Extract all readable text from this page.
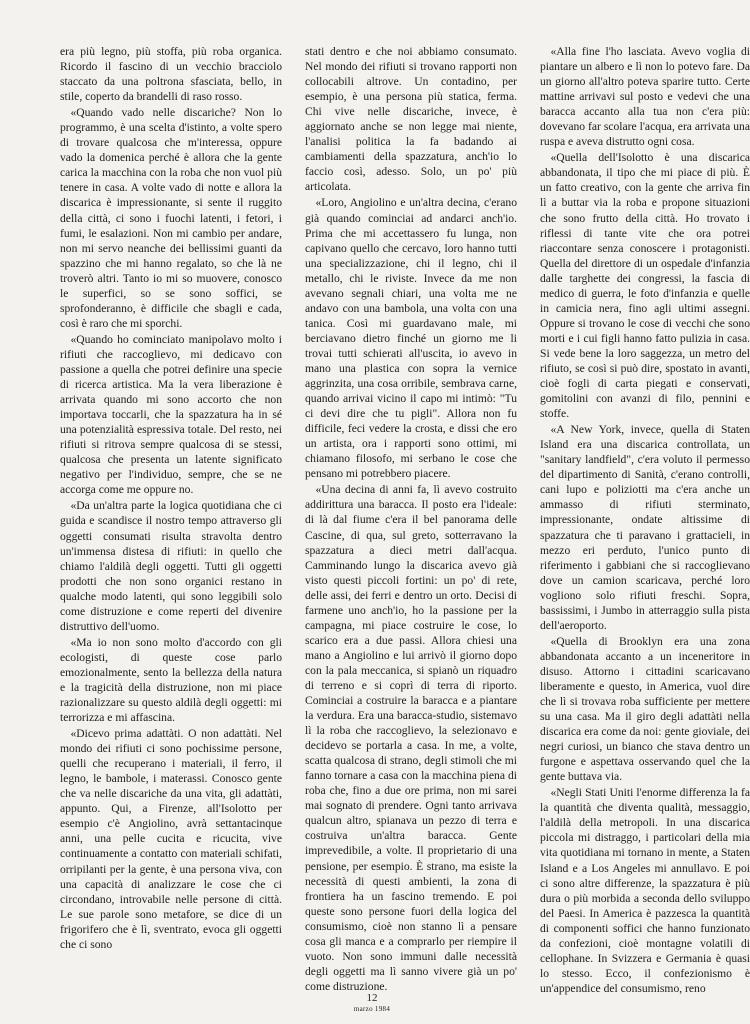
era più legno, più stoffa, più roba organica. Ricordo il fascino di un vecchio bracciolo staccato da una poltrona sfasciata, bello, in stile, coperto da brandelli di raso rosso.

«Quando vado nelle discariche? Non lo programmo, è una scelta d'istinto, a volte spero di trovare qualcosa che m'interessa, oppure vado la domenica perché è allora che la gente carica la macchina con la roba che non vuol più tenere in casa. A volte vado di notte e allora la discarica è impressionante, si sente il ruggito della città, ci sono i fuochi latenti, i fetori, i fumi, le esalazioni. Non mi cambio per andare, non mi servo neanche dei bellissimi guanti da spazzino che mi hanno regalato, so che là ne troverò altri. Tanto io mi so muovere, conosco le superfici, so se sono soffici, se sprofonderanno, è difficile che sbagli e cada, così è raro che mi sporchi.

«Quando ho cominciato manipolavo molto i rifiuti che raccoglievo, mi dedicavo con passione a quella che potrei definire una specie di ricerca artistica. Ma la vera liberazione è arrivata quando mi sono accorto che non importava toccarli, che la spazzatura ha in sé una potenzialità espressiva totale. Del resto, nei rifiuti si ritrova sempre qualcosa di se stessi, qualcosa che presenta un latente significato negativo per l'individuo, sempre, che se ne accorga come me oppure no.

«Da un'altra parte la logica quotidiana che ci guida e scandisce il nostro tempo attraverso gli oggetti consumati risulta stravolta dentro un'immensa distesa di rifiuti: in quello che chiamo l'aldilà degli oggetti. Tutti gli oggetti prodotti che non sono organici restano in qualche modo latenti, qui sono leggibili solo come distruzione e come reperti del divenire distruttivo dell'uomo.

«Ma io non sono molto d'accordo con gli ecologisti, di queste cose parlo emozionalmente, sento la bellezza della natura e la tragicità della distruzione, non mi piace razionalizzare su questo aldilà degli oggetti: mi terrorizza e mi affascina.

«Dicevo prima adattàti. O non adattàti. Nel mondo dei rifiuti ci sono pochissime persone, quelli che recuperano i materiali, il ferro, il legno, le bambole, i materassi. Conosco gente che va nelle discariche da una vita, gli adattàti, appunto. Qui, a Firenze, all'Isolotto per esempio c'è Angiolino, avrà settantacinque anni, una pelle cucita e ricucita, vive continuamente a contatto con materiali schifati, orripilanti per la gente, è una persona viva, con una capacità di analizzare le cose che ci circondano, introvabile nelle persone di città. Le sue parole sono metafore, se dice di un frigorifero che è lì, sventrato, evoca gli oggetti che ci sono

stati dentro e che noi abbiamo consumato. Nel mondo dei rifiuti si trovano rapporti non collocabili altrove. Un contadino, per esempio, è una persona più statica, ferma. Chi vive nelle discariche, invece, è aggiornato anche se non legge mai niente, l'analisi politica la fa badando ai cambiamenti della spazzatura, anch'io lo faccio così, adesso. Solo, un po' più articolata.

«Loro, Angiolino e un'altra decina, c'erano già quando cominciai ad andarci anch'io. Prima che mi accettassero fu lunga, non capivano quello che cercavo, loro hanno tutti una specializzazione, chi il legno, chi il metallo, chi le riviste. Invece da me non avevano segnali chiari, una volta me ne andavo con una bambola, una volta con una tanica. Così mi guardavano male, mi berciavano dietro finché un giorno me li trovai tutti schierati all'uscita, io avevo in mano una plastica con sopra la vernice aggrinzita, una cosa orribile, sembrava carne, quando arrivai vicino il capo mi intimò: "Tu ci devi dire che tu pigli". Allora non fu difficile, feci vedere la crosta, e dissi che ero un artista, ora i rapporti sono ottimi, mi chiamano filosofo, mi serbano le cose che pensano mi potrebbero piacere.

«Una decina di anni fa, lì avevo costruito addirittura una baracca. Il posto era l'ideale: di là dal fiume c'era il bel panorama delle Cascine, di qua, sul greto, sotterravano la spazzatura a dieci metri dall'acqua. Camminando lungo la discarica avevo già visto questi piccoli fortini: un po' di rete, delle assi, dei ferri e dentro un orto. Decisi di farmene uno anch'io, ho la passione per la campagna, mi piace costruire le cose, lo scarico era a due passi. Allora chiesi una mano a Angiolino e lui arrivò il giorno dopo con la pala meccanica, si spianò un riquadro di terreno e si coprì di terra di riporto. Cominciai a costruire la baracca e a piantare la verdura. Era una baracca-studio, sistemavo lì la roba che raccoglievo, la selezionavo e decidevo se portarla a casa. In me, a volte, scatta qualcosa di strano, degli stimoli che mi fanno tornare a casa con la macchina piena di roba che, fino a due ore prima, non mi sarei mai sognato di prendere. Ogni tanto arrivava qualcun altro, spianava un pezzo di terra e costruiva un'altra baracca. Gente imprevedibile, a volte. Il proprietario di una pensione, per esempio. È strano, ma esiste la necessità di questi ambienti, la zona di frontiera ha un fascino tremendo. E poi queste sono persone fuori della logica del consumismo, cioè non stanno lì a pensare cosa gli manca e a comprarlo per riempire il vuoto. Non sono immuni dalle necessità degli oggetti ma lì sanno vivere già un po' come distruzione.

«Alla fine l'ho lasciata. Avevo voglia di piantare un albero e lì non lo potevo fare. Da un giorno all'altro poteva sparire tutto. Certe mattine arrivavi sul posto e vedevi che una baracca accanto alla tua non c'era più: dovevano far scolare l'acqua, era arrivata una ruspa e aveva distrutto ogni cosa.

«Quella dell'Isolotto è una discarica abbandonata, il tipo che mi piace di più. È un fatto creativo, con la gente che arriva fin lì a buttar via la roba e propone situazioni che sono frutto della città. Ho trovato i riflessi di tante vite che ora potrei riaccontare senza conoscere i protagonisti. Quella del direttore di un ospedale d'infanzia dalle targhette dei congressi, la fascia di medico di guerra, le foto d'infanzia e quelle in camicia nera, fino agli ultimi assegni. Oppure si trovano le cose di vecchi che sono morti e i cui figli hanno fatto pulizia in casa. Si vede bene la loro saggezza, un metro del rifiuto, se così si può dire, spostato in avanti, cioè fogli di carta piegati e conservati, gomitolini con avanzi di filo, pennini e stoffe.

«A New York, invece, quella di Staten Island era una discarica controllata, un "sanitary landfield", c'era voluto il permesso del dipartimento di Sanità, c'erano controlli, cani lupo e poliziotti ma c'era anche un ammasso di rifiuti sterminato, impressionante, ondate altissime di spazzatura che ti paravano i grattacieli, in mezzo eri perduto, l'unico punto di riferimento i gabbiani che si raccoglievano dove un camion scaricava, perché loro vogliono solo rifiuti freschi. Sopra, bassissimi, i Jumbo in atterraggio sulla pista dell'aeroporto.

«Quella di Brooklyn era una zona abbandonata accanto a un inceneritore in disuso. Attorno i cittadini scaricavano liberamente e questo, in America, vuol dire che lì si trovava roba sufficiente per mettere su una casa. Ma il giro degli adattàti nella discarica era come da noi: gente gioviale, dei negri curiosi, un bianco che stava dentro un furgone e aspettava osservando quel che la gente buttava via.

«Negli Stati Uniti l'enorme differenza la fa la quantità che diventa qualità, messaggio, l'aldilà della metropoli. In una discarica piccola mi distraggo, i particolari della mia vita quotidiana mi tornano in mente, a Staten Island e a Los Angeles mi annullavo. E poi ci sono altre differenze, la spazzatura è più dura o più morbida a seconda dello sviluppo del Paesi. In America è pazzesca la quantità di componenti soffici che hanno funzionato da confezioni, cioè montagne volatili di cellophane. In Svizzera e Germania è quasi lo stesso. Ecco, il confezionismo è un'appendice del consumismo, reno

12
marzo 1984
